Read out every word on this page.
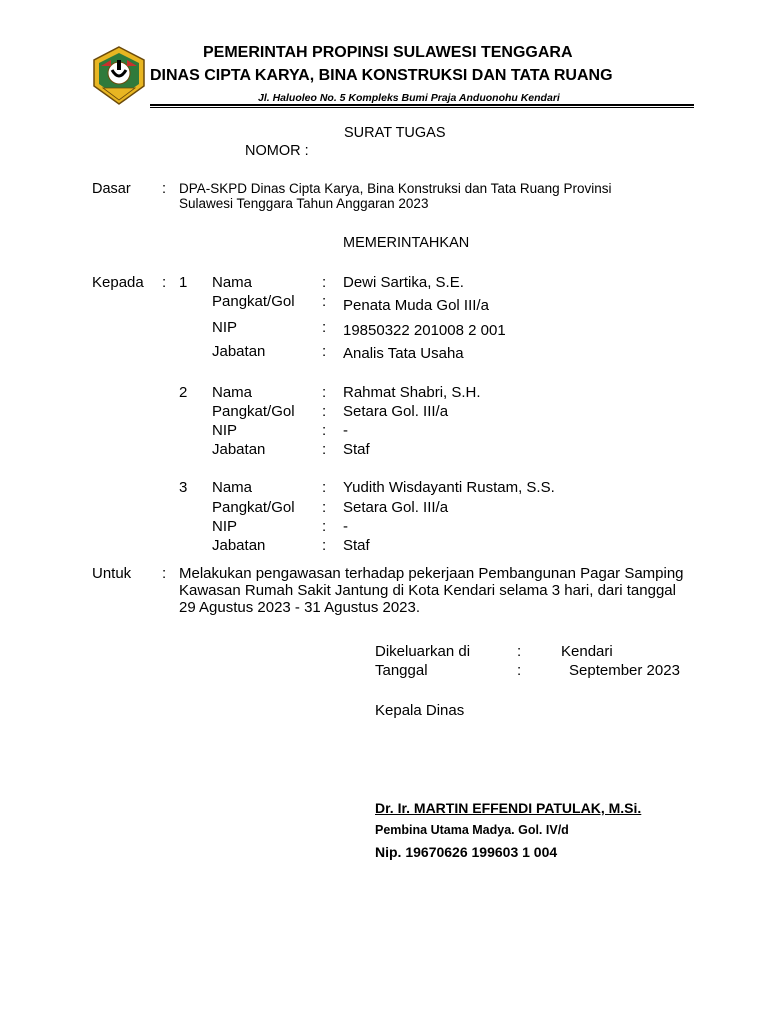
PEMERINTAH PROPINSI SULAWESI TENGGARA
DINAS CIPTA KARYA, BINA KONSTRUKSI DAN TATA RUANG
Jl. Haluoleo No. 5 Kompleks Bumi Praja Anduonohu Kendari
SURAT TUGAS
NOMOR :
Dasar : DPA-SKPD Dinas Cipta Karya, Bina Konstruksi dan Tata Ruang Provinsi
Sulawesi Tenggara Tahun Anggaran 2023
MEMERINTAHKAN
Kepada : 1 Nama	: Dewi Sartika, S.E.
Pangkat/Gol : Penata Muda Gol III/a
NIP	: 19850322 201008 2 001
Jabatan	: Analis Tata Usaha
2 Nama	: Rahmat Shabri, S.H.
Pangkat/Gol : Setara Gol. III/a
NIP	: -
Jabatan	: Staf
3 Nama	: Yudith Wisdayanti Rustam, S.S.
Pangkat/Gol : Setara Gol. III/a
NIP	: -
Jabatan	: Staf
Untuk : Melakukan pengawasan terhadap pekerjaan Pembangunan Pagar Samping
Kawasan Rumah Sakit Jantung di Kota Kendari selama 3 hari, dari tanggal
29 Agustus 2023 - 31 Agustus 2023.
Dikeluarkan di	:	Kendari
Tanggal	:	September 2023
Kepala Dinas
Dr. Ir. MARTIN EFFENDI PATULAK, M.Si.
Pembina Utama Madya. Gol. IV/d
Nip. 19670626 199603 1 004
